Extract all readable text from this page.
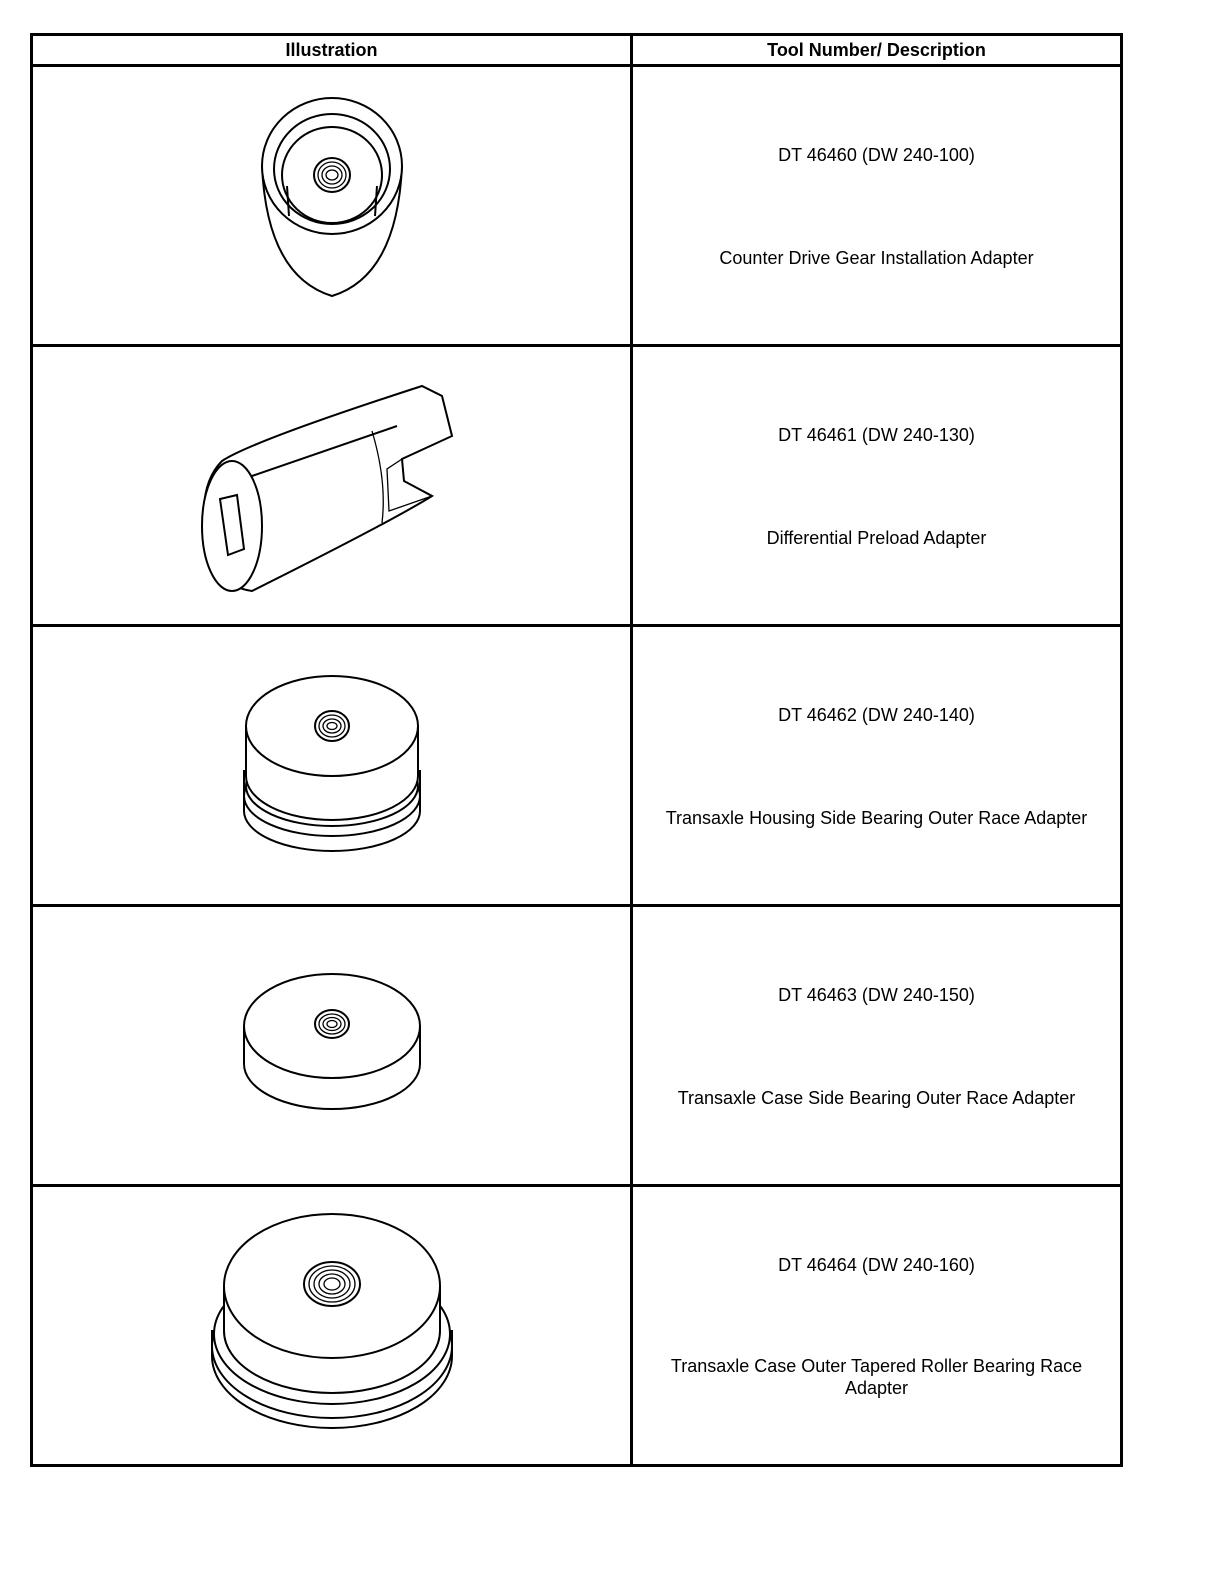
Illustration	Tool Number/ Description

DT 46460 (DW 240-100)
Counter Drive Gear Installation Adapter

DT 46461 (DW 240-130)
Differential Preload Adapter

DT 46462 (DW 240-140)
Transaxle Housing Side Bearing Outer Race Adapter

DT 46463 (DW 240-150)
Transaxle Case Side Bearing Outer Race Adapter

DT 46464 (DW 240-160)
Transaxle Case Outer Tapered Roller Bearing Race Adapter
